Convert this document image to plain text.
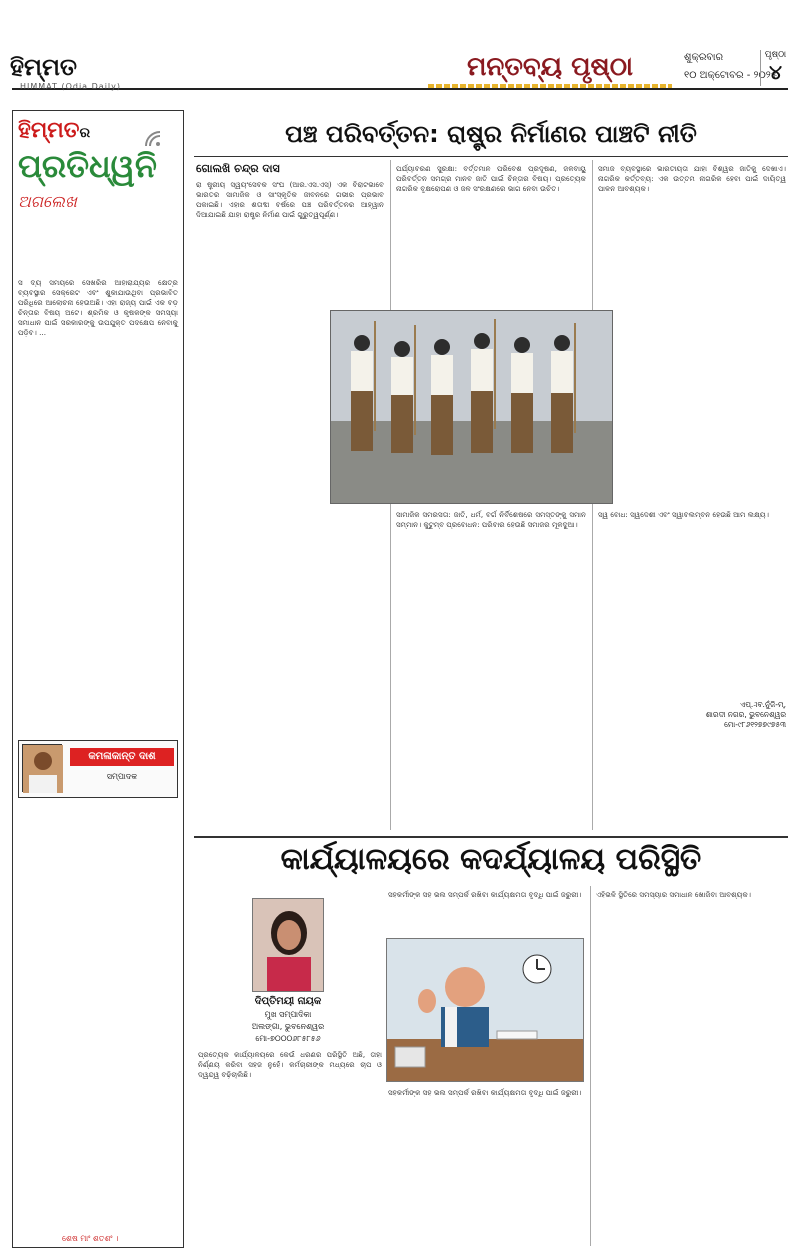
ହିମ୍ମତ
HIMMAT (Odia Daily)
ମନ୍ତବ୍ୟ ପୃଷ୍ଠା	ଶୁକ୍ରବାର
୧୦ ଅକ୍ଟୋବର - ୨୦୨୫
ପୃଷ୍ଠା
୪
ହିମ୍ମତର
ପ୍ରତିଧ୍ୱନି
ଅଗଲେଖ
ସ ଦ୍ୟ ସମୟରେ ସେଖରିର ଆହାରାଯ୍ୟର କ୍ଷେତ୍ର ବ୍ୟବସ୍ଥାର ସେକ୍ରେଟ ଏବଂ ଶୁକାଯାଉଥିବା ପ୍ରଭାବିତ ପରିଧିରେ ଆଲୋଚନା ହେଉଅଛି। ଏହା ରାଜ୍ୟ ପାଇଁ ଏକ ବଡ଼ ଚିନ୍ତାର ବିଷୟ ଅଟେ। ଶ୍ରମିକ ଓ କୃଷକଙ୍କ ସମସ୍ୟା ସମାଧାନ ପାଇଁ ସରକାରଙ୍କୁ ଉପଯୁକ୍ତ ପଦକ୍ଷେପ ନେବାକୁ ପଡ଼ିବ। ...
କମଳାକାନ୍ତ ଦାଶ
ସମ୍ପାଦକ
ଶେଷ ମାଂ ଶତଶଂ ।
ପଞ୍ଚ ପରିବର୍ତ୍ତନ: ରାଷ୍ଟ୍ର ନିର୍ମାଣର ପାଞ୍ଚଟି ନୀତି
ଗୋଲଖି ଚନ୍ଦ୍ର ଦାସ
ରା ଷ୍ଟ୍ରୀୟ ସ୍ୱୟଂସେବକ ସଂଘ (ଆର.ଏସ.ଏସ୍) ଏକ ବିରାଟଭାବେ ଭାରତର ସାମାଜିକ ଓ ସାଂସ୍କୃତିକ ଜୀବନରେ ଗଭୀର ପ୍ରଭାବ ପକାଇଛି। ଏହାର ଶତାବ୍ଦୀ ବର୍ଷରେ ପଞ୍ଚ ପରିବର୍ତ୍ତନର ଆହ୍ୱାନ ଦିଆଯାଇଛି ଯାହା ରାଷ୍ଟ୍ର ନିର୍ମାଣ ପାଇଁ ଗୁରୁତ୍ୱପୂର୍ଣ୍ଣ।
ପର୍ଯ୍ୟାବରଣ ସୁରକ୍ଷା: ବର୍ତ୍ତମାନ ପରିବେଶ ପ୍ରଦୂଷଣ, ଜଳବାୟୁ ପରିବର୍ତ୍ତନ ସମଗ୍ର ମାନବ ଜାତି ପାଇଁ ଚିନ୍ତାର ବିଷୟ। ପ୍ରତ୍ୟେକ ନାଗରିକ ବୃକ୍ଷରୋପଣ ଓ ଜଳ ସଂରକ୍ଷଣରେ ଭାଗ ନେବା ଉଚିତ।
ସମାଜ ବ୍ୟବସ୍ଥାରେ ଭାରତୀୟତା ଯାହା ବିଶ୍ୱର ଜାତିକୁ ଦେଖାଏ। ନାଗରିକ କର୍ତ୍ତବ୍ୟ: ଏକ ଉତ୍ତମ ନାଗରିକ ହେବା ପାଇଁ ଦାୟିତ୍ୱ ପାଳନ ଆବଶ୍ୟକ।
ସାମାଜିକ ସମରସତା: ଜାତି, ଧର୍ମ, ବର୍ଗ ନିର୍ବିଶେଷରେ ସମସ୍ତଙ୍କୁ ସମାନ ସମ୍ମାନ। କୁଟୁମ୍ବ ପ୍ରବୋଧନ: ପରିବାର ହେଉଛି ସମାଜର ମୂଳଦୁଆ।
ସ୍ୱ ବୋଧ: ସ୍ୱଦେଶୀ ଏବଂ ସ୍ୱାବଲମ୍ବନ ହେଉଛି ଆମ ଲକ୍ଷ୍ୟ।
ଏପ୍‌.-ୀବ.ନୁଁଜି-ମ୍,
ଶାରଦୀ ନଗର, ଭୁବନେଶ୍ୱର
ମୋ-୯୮୬୧୨୭୭୯୭୫୩
କାର୍ଯ୍ୟାଳୟରେ କଦର୍ଯ୍ୟାଳୟ ପରିସ୍ଥିତି
ଦିପ୍ତିମୟୀ ନାୟକ
ମୁଖ ସମ୍ପାଦିକା
ଅଲଙ୍ଗା, ଭୁବନେଶ୍ୱର
ମୋ-୭୦୦୦୬୮୫୮୫୬
ପ୍ରତ୍ୟେକ କାର୍ଯ୍ୟାଳୟରେ କେଉଁ ଧରଣର ପରିସ୍ଥିତି ଅଛି, ତାହା ନିର୍ଣ୍ଣୟ କରିବା ସହଜ ନୁହେଁ। କର୍ମଚାରୀଙ୍କ ମଧ୍ୟରେ ଚାପ ଓ ଦ୍ୱନ୍ଦ୍ୱ ବଢ଼ିଚାଲିଛି।
ସହକର୍ମୀଙ୍କ ସହ ଭଲ ସମ୍ପର୍କ ରଖିବା କାର୍ଯ୍ୟକ୍ଷମତା ବୃଦ୍ଧି ପାଇଁ ଜରୁରୀ।
ସହକର୍ମୀଙ୍କ ସହ ଭଲ ସମ୍ପର୍କ ରଖିବା କାର୍ଯ୍ୟକ୍ଷମତା ବୃଦ୍ଧି ପାଇଁ ଜରୁରୀ।
ଏହିଭଳି ସ୍ଥିତିରେ ସମସ୍ୟାର ସମାଧାନ ଖୋଜିବା ଆବଶ୍ୟକ।
